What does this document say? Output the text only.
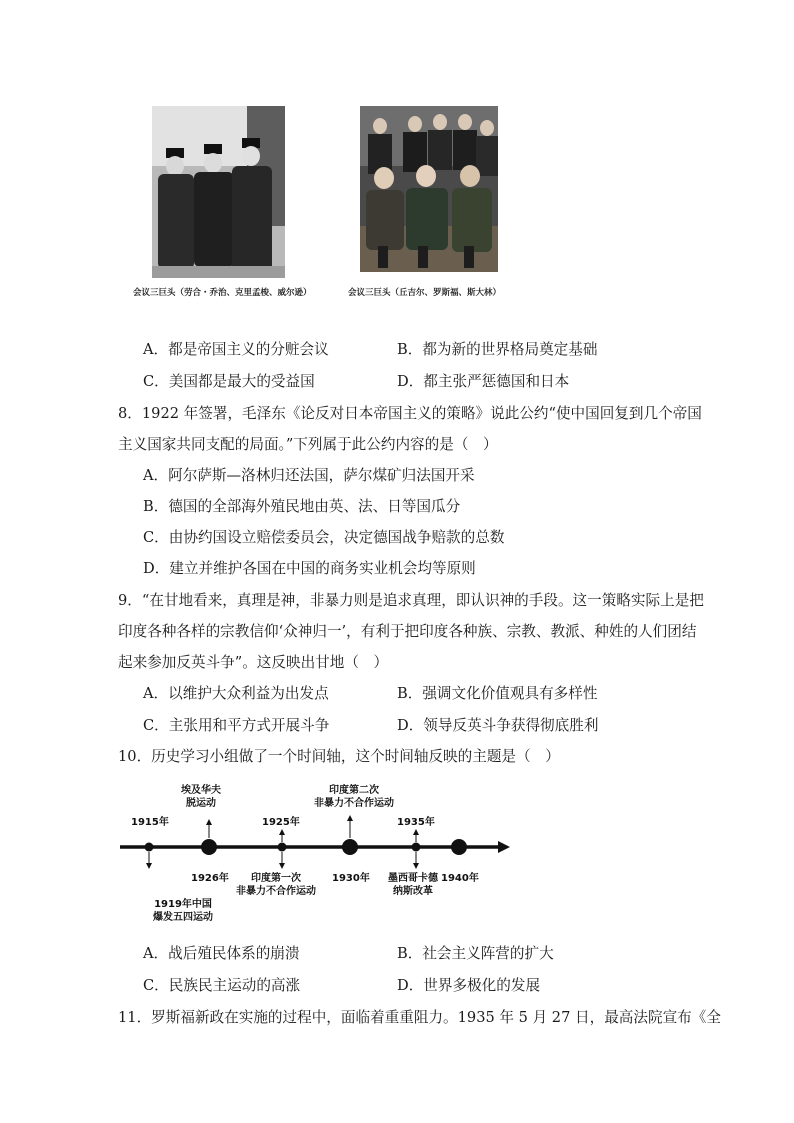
会议三巨头（劳合・乔治、克里孟梭、威尔逊）	会议三巨头（丘吉尔、罗斯福、斯大林）
A．都是帝国主义的分赃会议	B．都为新的世界格局奠定基础
C．美国都是最大的受益国	D．都主张严惩德国和日本
8．1922 年签署，毛泽东《论反对日本帝国主义的策略》说此公约“使中国回复到几个帝国
主义国家共同支配的局面。”下列属于此公约内容的是（　）
A．阿尔萨斯—洛林归还法国，萨尔煤矿归法国开采
B．德国的全部海外殖民地由英、法、日等国瓜分
C．由协约国设立赔偿委员会，决定德国战争赔款的总数
D．建立并维护各国在中国的商务实业机会均等原则
9．“在甘地看来，真理是神，非暴力则是追求真理，即认识神的手段。这一策略实际上是把
印度各种各样的宗教信仰‘众神归一’，有利于把印度各种族、宗教、教派、种姓的人们团结
起来参加反英斗争”。这反映出甘地（　）
A．以维护大众利益为出发点	B．强调文化价值观具有多样性
C．主张用和平方式开展斗争	D．领导反英斗争获得彻底胜利
10．历史学习小组做了一个时间轴，这个时间轴反映的主题是（　）
1915年
1926年
1925年
1930年
1935年
1940年
埃及华夫
脱运动
印度第二次
非暴力不合作运动
1919年中国
爆发五四运动
印度第一次
非暴力不合作运动
墨西哥卡德
纳斯改革
A．战后殖民体系的崩溃	B．社会主义阵营的扩大
C．民族民主运动的高涨	D．世界多极化的发展
11．罗斯福新政在实施的过程中，面临着重重阻力。1935 年 5 月 27 日，最高法院宣布《全
